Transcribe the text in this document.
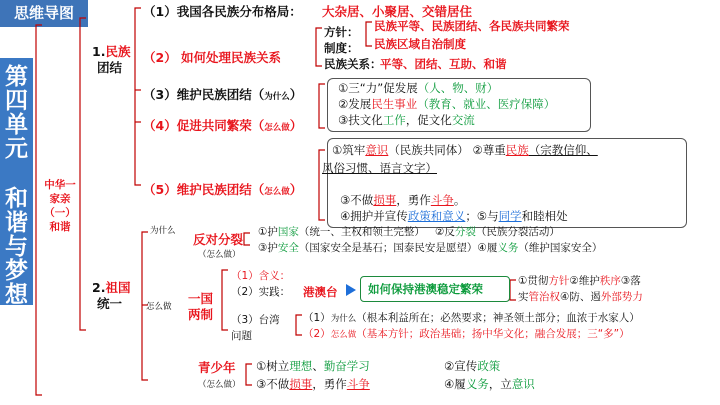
思维导图
第
四
单
元
和
谐
与
梦
想
中华一
家亲
（一）
和谐
1.民族
团结
（1）我国各民族分布格局： 大杂居、小聚居、交错居住
（2） 如何处理民族关系
方针：
制度：
民族关系：
民族平等、民族团结、各民族共同繁荣
民族区域自治制度
平等、团结、互助、和谐
（3）维护民族团结（为什么）	①三“力”促发展（人、物、财）
②发展民生事业（教育、就业、医疗保障）
③扶文化工作，促文化交流
（4）促进共同繁荣（怎么做）
（5）维护民族团结（怎么做）
①筑牢意识（民族共同体） ②尊重民族（宗教信仰、
风俗习惯、语言文字）
③不做损事，勇作斗争。
④拥护并宣传政策和意义；⑤与同学和睦相处
2.祖国
统一
为什么
怎么做
反对分裂
（怎么做）
①护国家（统一、主权和领土完整） ②反分裂（民族分裂活动）
③护安全（国家安全是基石；国泰民安是愿望）④履义务（维护国家安全）
一国
两制
（1）含义：
（2）实践：
（3）台湾
问题
港澳台	如何保持港澳稳定繁荣
①贯彻方针②维护秩序③落
实管治权④防、遏外部势力
（1）为什么（根本利益所在；必然要求；神圣领土部分；血浓于水家人）
（2）怎么做（基本方针；政治基础；扬中华文化；融合发展；三“多”）
青少年
（怎么做）
①树立理想、勤奋学习
③不做损事，勇作斗争
②宣传政策
④履义务，立意识
